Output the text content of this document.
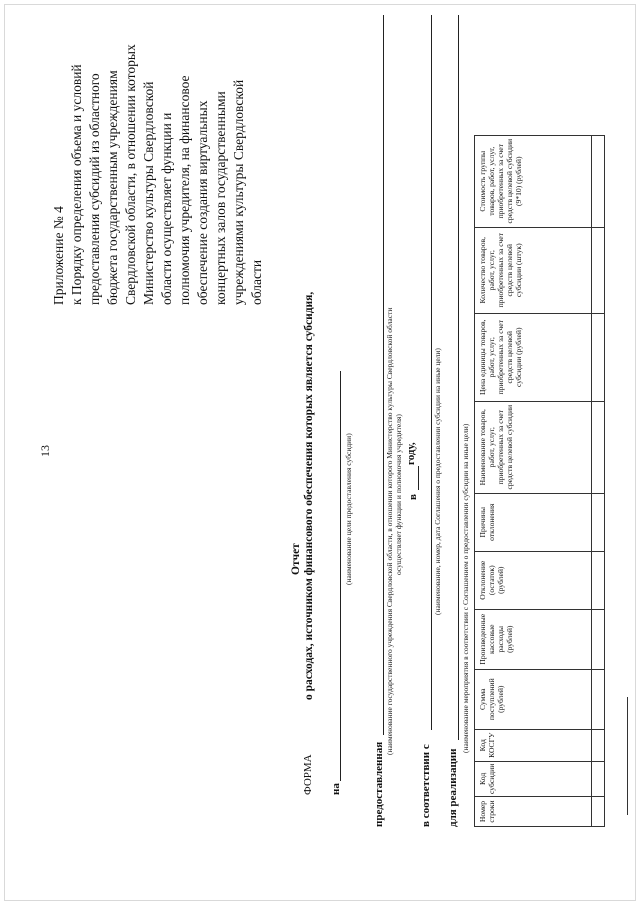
13
Приложение № 4 к Порядку определения объема и условий предоставления субсидий из областного бюджета государственным учреждениям Свердловской области, в отношении которых Министерство культуры Свердловской области осуществляет функции и полномочия учредителя, на финансовое обеспечение создания виртуальных концертных залов государственными учреждениями культуры Свердловской области
ФОРМА
Отчет о расходах, источником финансового обеспечения которых является субсидия,
на
(наименование цели предоставления субсидии)
предоставленная
(наименование государственного учреждения Свердловской области, в отношении которого Министерство культуры Свердловской области осуществляет функции и полномочия учредителя) в
году,
в соответствии с
(наименование, номер, дата Соглашения о предоставлении субсидии на иные цели)
для реализации
(наименование мероприятия в соответствии с Соглашением о предоставлении субсидии на иные цели)
Номер строки	Код субсидии	Код КОСГУ	Сумма поступлений (рублей)	Произведенные кассовые расходы (рублей)	Отклонение (остаток) (рублей)	Причины отклонения	Наименование товаров, работ, услуг, приобретенных за счет средств целевой субсидии	Цена единицы товаров, работ, услуг, приобретенных за счет средств целевой субсидии (рублей)	Количество товаров, работ, услуг, приобретенных за счет средств целевой субсидии (штук)	Стоимость группы товаров, работ, услуг, приобретенных за счет средств целевой субсидии (9*10) (рублей)
